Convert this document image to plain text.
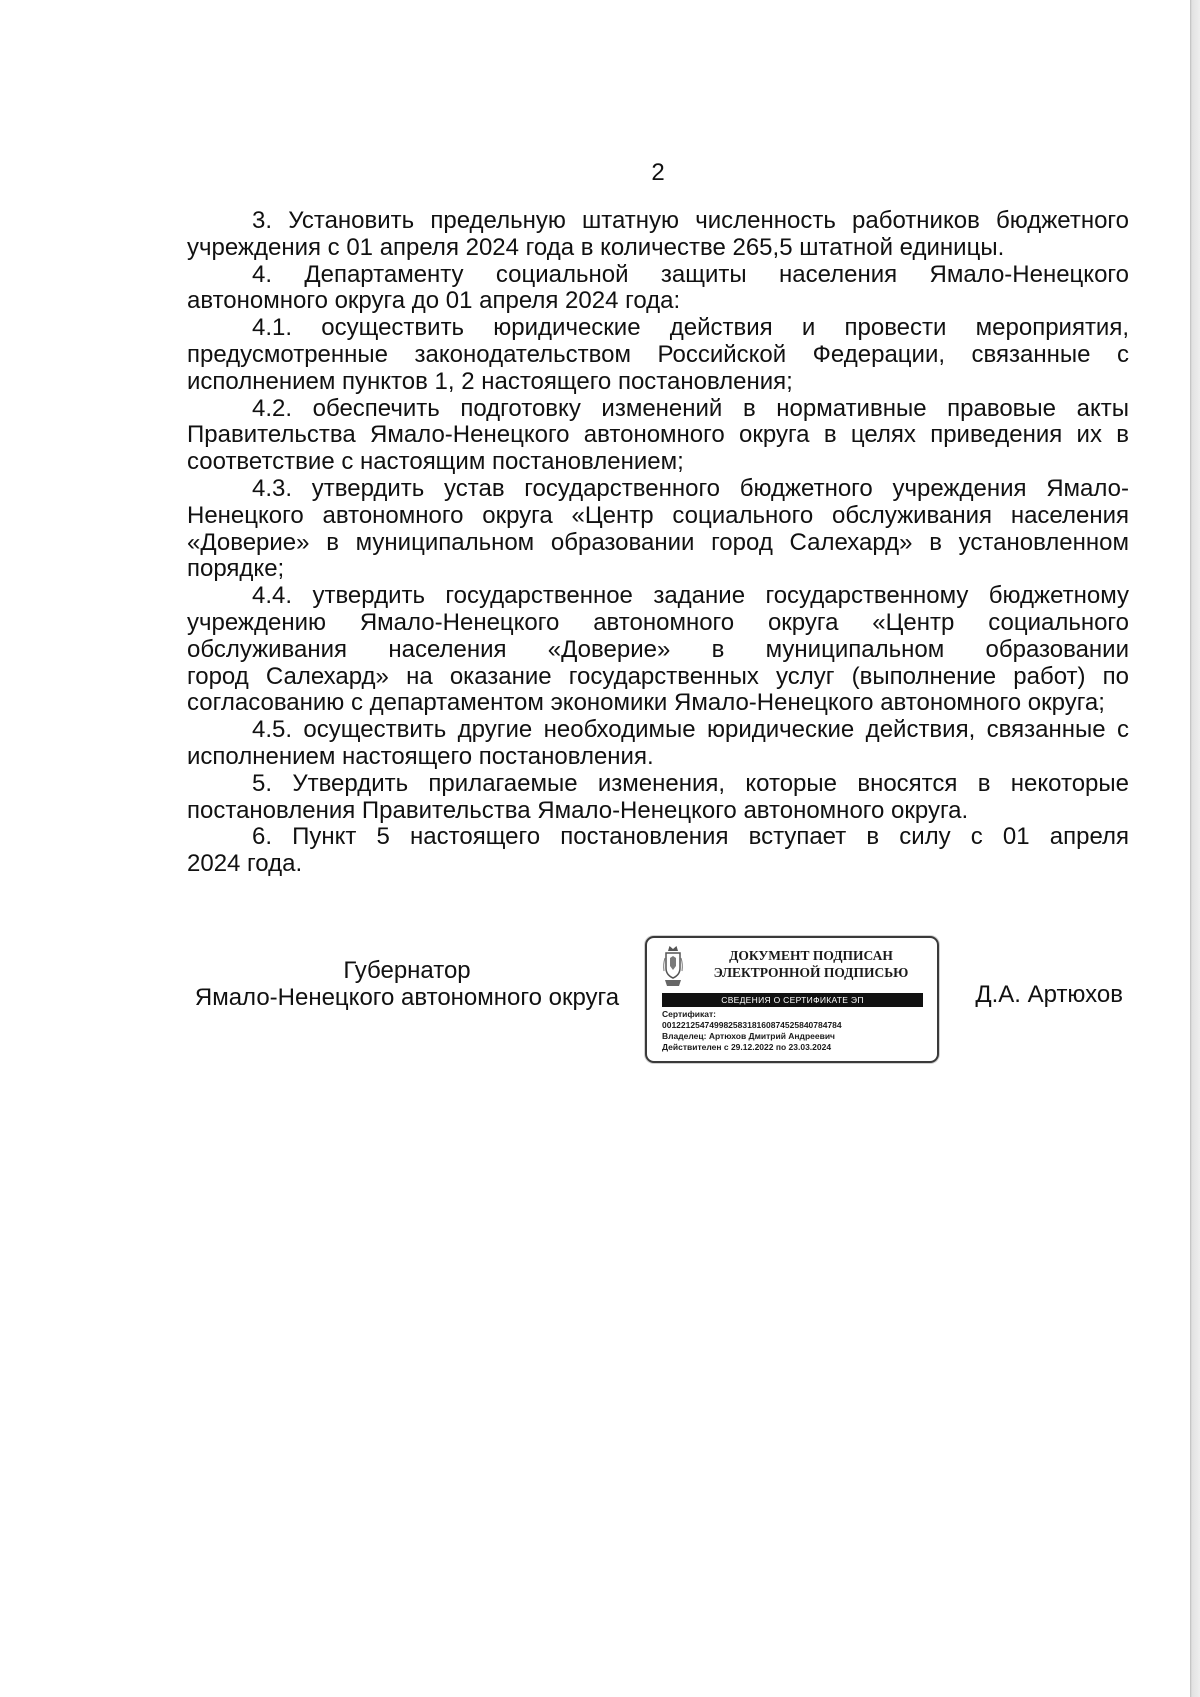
2
3. Установить предельную штатную численность работников бюджетного
учреждения с 01 апреля 2024 года в количестве 265,5 штатной единицы.
4. Департаменту социальной защиты населения Ямало-Ненецкого
автономного округа до 01 апреля 2024 года:
4.1. осуществить юридические действия и провести мероприятия,
предусмотренные законодательством Российской Федерации, связанные с
исполнением пунктов 1, 2 настоящего постановления;
4.2. обеспечить подготовку изменений в нормативные правовые акты
Правительства Ямало-Ненецкого автономного округа в целях приведения их в
соответствие с настоящим постановлением;
4.3. утвердить устав государственного бюджетного учреждения Ямало-
Ненецкого автономного округа «Центр социального обслуживания населения
«Доверие» в муниципальном образовании город Салехард» в установленном
порядке;
4.4. утвердить государственное задание государственному бюджетному
учреждению Ямало-Ненецкого автономного округа «Центр социального
обслуживания населения «Доверие» в муниципальном образовании
город Салехард» на оказание государственных услуг (выполнение работ) по
согласованию с департаментом экономики Ямало-Ненецкого автономного округа;
4.5. осуществить другие необходимые юридические действия, связанные с
исполнением настоящего постановления.
5. Утвердить прилагаемые изменения, которые вносятся в некоторые
постановления Правительства Ямало-Ненецкого автономного округа.
6. Пункт 5 настоящего постановления вступает в силу с 01 апреля
2024 года.
Губернатор
Ямало-Ненецкого автономного округа
ДОКУМЕНТ ПОДПИСАН
ЭЛЕКТРОННОЙ ПОДПИСЬЮ
СВЕДЕНИЯ О СЕРТИФИКАТЕ ЭП
Сертификат:
00122125474998258318160874525840784784
Владелец: Артюхов Дмитрий Андреевич
Действителен с 29.12.2022 по 23.03.2024
Д.А. Артюхов
